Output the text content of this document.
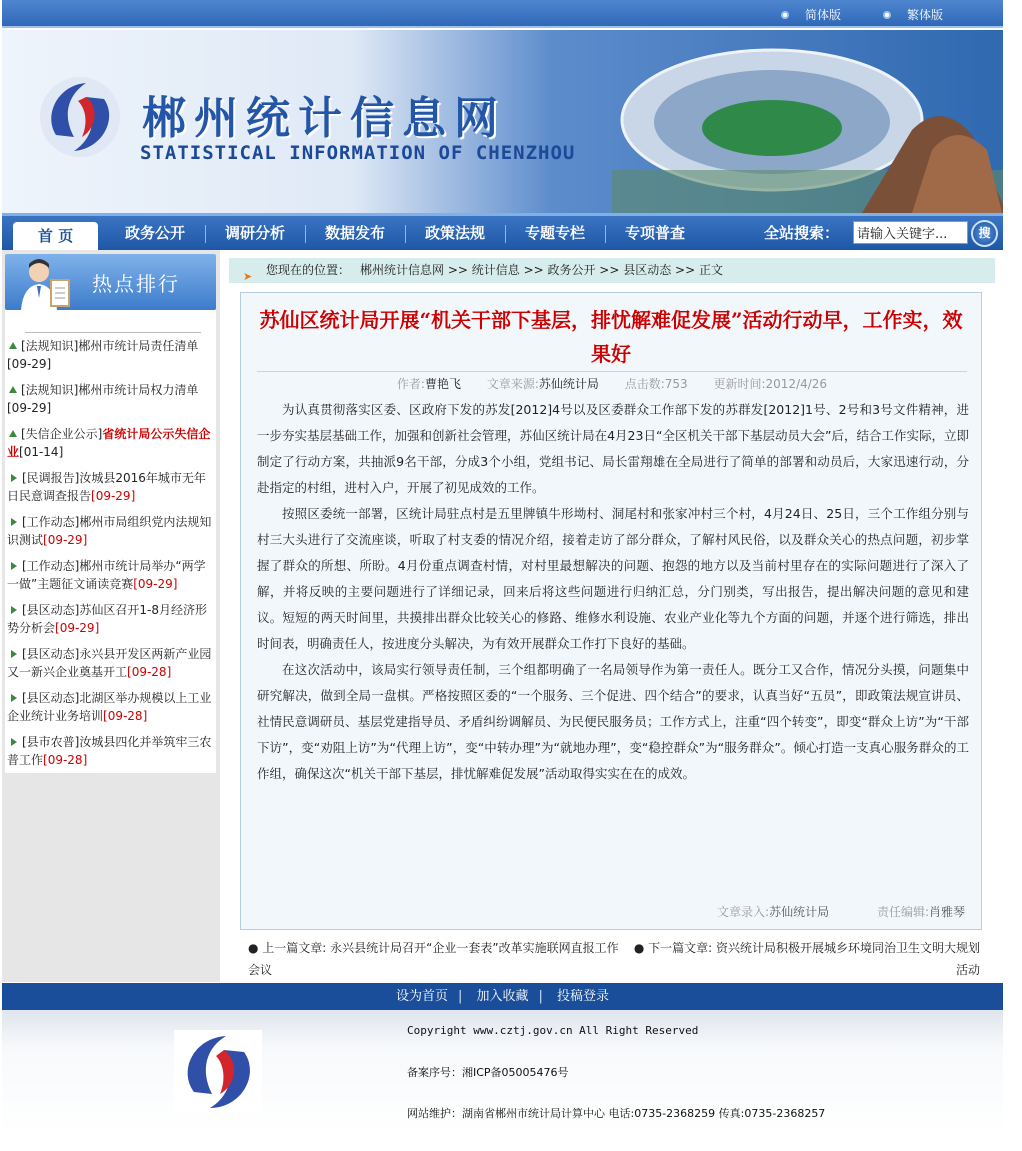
简体版	繁体版
郴州统计信息网
STATISTICAL INFORMATION OF CHENZHOU
首 页	政务公开	调研分析	数据发布	政策法规	专题专栏	专项普查	全站搜索：
请输入关键字...	搜
热点排行
[法规知识]郴州市统计局责任清单
[09-29]
[法规知识]郴州市统计局权力清单
[09-29]
[失信企业公示]省统计局公示失信企业[01-14]
[民调报告]汝城县2016年城市无年日民意调查报告[09-29]
[工作动态]郴州市局组织党内法规知识测试[09-29]
[工作动态]郴州市统计局举办“两学一做”主题征文诵读竞赛[09-29]
[县区动态]苏仙区召开1-8月经济形势分析会[09-29]
[县区动态]永兴县开发区两新产业园又一新兴企业奠基开工[09-28]
[县区动态]北湖区举办规模以上工业企业统计业务培训[09-28]
[县市农普]汝城县四化并举筑牢三农普工作[09-28]
➤ 您现在的位置： 郴州统计信息网 >> 统计信息 >> 政务公开 >> 县区动态 >> 正文
苏仙区统计局开展“机关干部下基层，排忧解难促发展”活动行动早，工作实，效果好
作者:曹艳飞 文章来源:苏仙统计局 点击数:753 更新时间:2012/4/26

为认真贯彻落实区委、区政府下发的苏发[2012]4号以及区委群众工作部下发的苏群发[2012]1号、2号和3号文件精神，进一步夯实基层基础工作，加强和创新社会管理，苏仙区统计局在4月23日“全区机关干部下基层动员大会”后，结合工作实际，立即制定了行动方案，共抽派9名干部，分成3个小组，党组书记、局长雷翔雄在全局进行了简单的部署和动员后，大家迅速行动，分赴指定的村组，进村入户，开展了初见成效的工作。

按照区委统一部署，区统计局驻点村是五里牌镇牛形坳村、洞尾村和张家冲村三个村，4月24日、25日，三个工作组分别与村三大头进行了交流座谈，听取了村支委的情况介绍，接着走访了部分群众，了解村风民俗，以及群众关心的热点问题，初步掌握了群众的所想、所盼。4月份重点调查村情，对村里最想解决的问题、抱怨的地方以及当前村里存在的实际问题进行了深入了解，并将反映的主要问题进行了详细记录，回来后将这些问题进行归纳汇总，分门别类，写出报告，提出解决问题的意见和建议。短短的两天时间里，共摸排出群众比较关心的修路、维修水利设施、农业产业化等九个方面的问题，并逐个进行筛选，排出时间表，明确责任人，按进度分头解决，为有效开展群众工作打下良好的基础。

在这次活动中，该局实行领导责任制，三个组都明确了一名局领导作为第一责任人。既分工又合作，情况分头摸，问题集中研究解决，做到全局一盘棋。严格按照区委的“一个服务、三个促进、四个结合”的要求，认真当好“五员”，即政策法规宣讲员、社情民意调研员、基层党建指导员、矛盾纠纷调解员、为民便民服务员；工作方式上，注重“四个转变”，即变“群众上访”为“干部下访”，变“劝阻上访”为“代理上访”，变“中转办理”为“就地办理”，变“稳控群众”为“服务群众”。倾心打造一支真心服务群众的工作组，确保这次“机关干部下基层，排忧解难促发展”活动取得实实在在的成效。

文章录入:苏仙统计局	责任编辑:肖雅琴
● 上一篇文章: 永兴县统计局召开“企业一套表”改革实施联网直报工作会议
● 下一篇文章: 资兴统计局积极开展城乡环境同治卫生文明大规划活动
设为首页 | 加入收藏 | 投稿登录
Copyright www.cztj.gov.cn All Right Reserved
备案序号：湘ICP备05005476号
网站维护：湖南省郴州市统计局计算中心 电话:0735-2368259 传真:0735-2368257
